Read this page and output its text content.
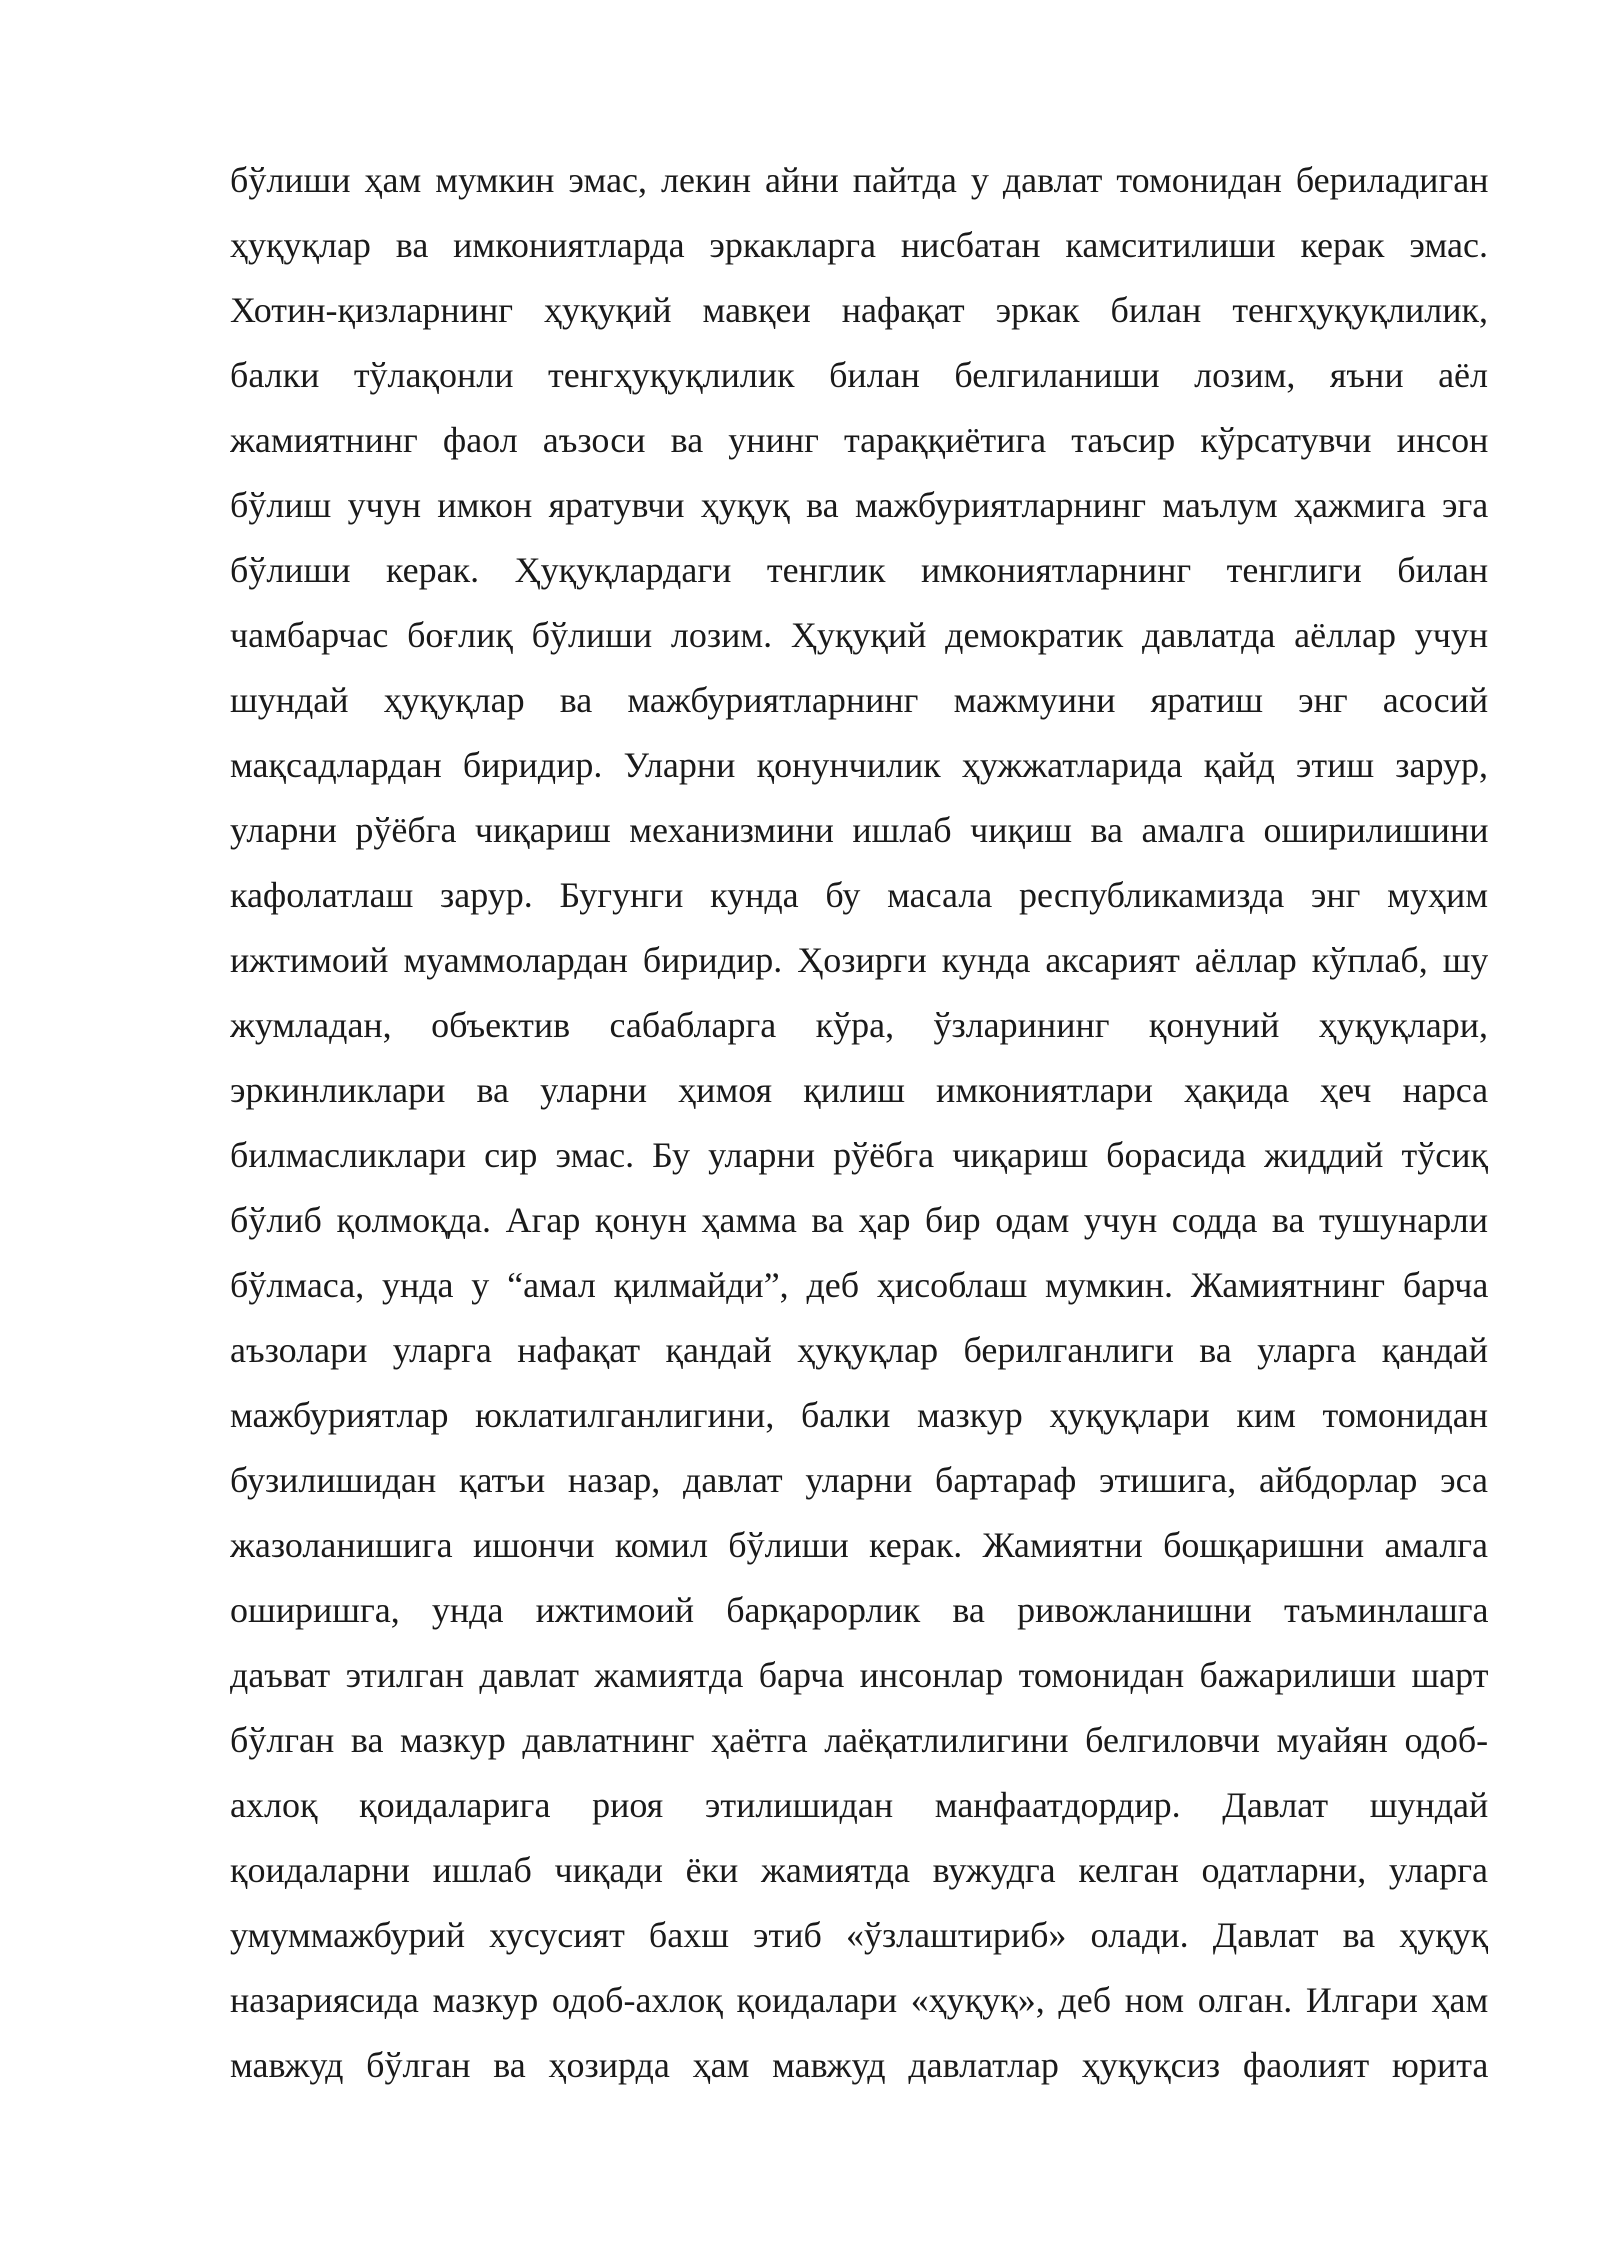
бўлиши ҳам мумкин эмас, лекин айни пайтда у давлат томонидан бериладиган
ҳуқуқлар ва имкониятларда эркакларга нисбатан камситилиши керак эмас.
Хотин-қизларнинг ҳуқуқий мавқеи нафақат эркак билан тенгҳуқуқлилик,
балки тўлақонли тенгҳуқуқлилик билан белгиланиши лозим, яъни аёл
жамиятнинг фаол аъзоси ва унинг тараққиётига таъсир кўрсатувчи инсон
бўлиш учун имкон яратувчи ҳуқуқ ва мажбуриятларнинг маълум ҳажмига эга
бўлиши керак. Ҳуқуқлардаги тенглик имкониятларнинг тенглиги билан
чамбарчас боғлиқ бўлиши лозим. Ҳуқуқий демократик давлатда аёллар учун
шундай ҳуқуқлар ва мажбуриятларнинг мажмуини яратиш энг асосий
мақсадлардан биридир. Уларни қонунчилик ҳужжатларида қайд этиш зарур,
уларни рўёбга чиқариш механизмини ишлаб чиқиш ва амалга оширилишини
кафолатлаш зарур. Бугунги кунда бу масала республикамизда энг муҳим
ижтимоий муаммолардан биридир. Ҳозирги кунда аксарият аёллар кўплаб, шу
жумладан, объектив сабабларга кўра, ўзларининг қонуний ҳуқуқлари,
эркинликлари ва уларни ҳимоя қилиш имкониятлари ҳақида ҳеч нарса
билмасликлари сир эмас. Бу уларни рўёбга чиқариш борасида жиддий тўсиқ
бўлиб қолмоқда. Агар қонун ҳамма ва ҳар бир одам учун содда ва тушунарли
бўлмаса, унда у “амал қилмайди”, деб ҳисоблаш мумкин. Жамиятнинг барча
аъзолари уларга нафақат қандай ҳуқуқлар берилганлиги ва уларга қандай
мажбуриятлар юклатилганлигини, балки мазкур ҳуқуқлари ким томонидан
бузилишидан қатъи назар, давлат уларни бартараф этишига, айбдорлар эса
жазоланишига ишончи комил бўлиши керак. Жамиятни бошқаришни амалга
оширишга, унда ижтимоий барқарорлик ва ривожланишни таъминлашга
даъват этилган давлат жамиятда барча инсонлар томонидан бажарилиши шарт
бўлган ва мазкур давлатнинг ҳаётга лаёқатлилигини белгиловчи муайян одоб-
ахлоқ қоидаларига риоя этилишидан манфаатдордир. Давлат шундай
қоидаларни ишлаб чиқади ёки жамиятда вужудга келган одатларни, уларга
умуммажбурий хусусият бахш этиб «ўзлаштириб» олади. Давлат ва ҳуқуқ
назариясида мазкур одоб-ахлоқ қоидалари «ҳуқуқ», деб ном олган. Илгари ҳам
мавжуд бўлган ва ҳозирда ҳам мавжуд давлатлар ҳуқуқсиз фаолият юрита
